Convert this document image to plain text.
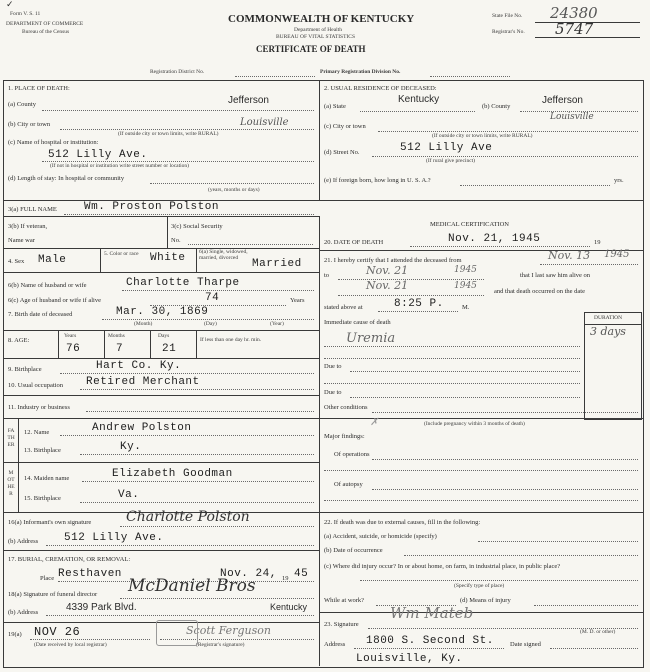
✓
Form V. S. 11
DEPARTMENT OF COMMERCE
Bureau of the Census
COMMONWEALTH OF KENTUCKY
Department of Health
BUREAU OF VITAL STATISTICS
CERTIFICATE OF DEATH
State File No. 24380
Registrar's No. 5747
Registration District No.	Primary Registration Division No.
1. PLACE OF DEATH:
(a) County	Jefferson
(b) City or town	Louisville
(If outside city or town limits, write RURAL)
(c) Name of hospital or institution:
512 Lilly Ave.
(If not in hospital or institution write street number or location)
(d) Length of stay: In hospital or community
(years, months or days)
2. USUAL RESIDENCE OF DECEASED:
(a) State
Kentucky
(b) County
Jefferson
(c) City or town
Louisville
(If outside city or town limits, write RURAL)
(d) Street No.	512 Lilly Ave
(If rural give precinct)
(e) If foreign born, how long in U. S. A.?	yrs.
3(a) FULL NAME Wm. Proston Polston
3(b) If veteran,
Name war
3(c) Social Security
No.
4. Sex Male	5. Color or race	White 6(a) Single, widowed, married, divorced
Married
6(b) Name of husband or wife	Charlotte Tharpe
6(c) Age of husband or wife if alive	74	Years
7. Birth date of deceased	Mar. 30, 1869
(Month)	(Day)	(Year)
8. AGE:
Years
76
Months
7
Days
21
If less than one day hr. min.
9. Birthplace	Hart Co. Ky.
10. Usual occupation Retired Merchant
11. Industry or business
FATHER
12. Name	Andrew Polston
13. Birthplace	Ky.
MOTHER
14. Maiden name	Elizabeth Goodman
15. Birthplace	Va.
16(a) Informant's own signature Charlotte Polston
(b) Address 512 Lilly Ave.
17. BURIAL, CREMATION, OR REMOVAL:
Place Resthaven	Nov. 24, 19 45
18(a) Signature of funeral director McDaniel Bros
(b) Address	4339 Park Blvd.	Kentucky
19(a) NOV 26
(Date received by local registrar)
Scott Ferguson
(Registrar's signature)
MEDICAL CERTIFICATION
20. DATE OF DEATH	Nov. 21, 1945	19
21. I hereby certify that I attended the deceased from	Nov. 13 1945
to	Nov. 21	1945
that I last saw him alive on
Nov. 21	1945
and that death occurred on the date
stated above at	8:25 P.	M.
Immediate cause of death
Uremia
DURATION
3 days
Due to
Due to
Other conditions
(Include pregnancy within 3 months of death)
✗
Major findings:
Of operations
Of autopsy
22. If death was due to external causes, fill in the following:
(a) Accident, suicide, or homicide (specify)
(b) Date of occurrence
(c) Where did injury occur? In or about home, on farm, in industrial place, in public place?
(Specify type of place)
While at work?	(d) Means of injury
23. Signature
Wm Mateb
(M. D. or other)
Address 1800 S. Second St. Date signed
Louisville, Ky.
